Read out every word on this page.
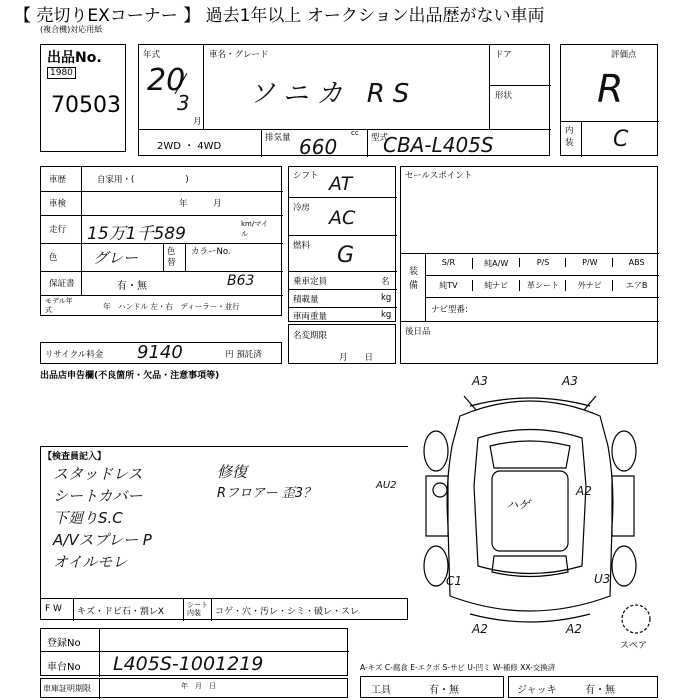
【 売切りEXコーナー 】 過去1年以上 オークション出品歴がない車両
(複合機)対応用紙
出品No.
1980
70503
年式
20
3
月
車名・グレード
ソニカ RS
ドア
形状
2WD ・ 4WD
排気量	cc
660	型式
CBA-L405S
評価点
R
内装 C
車歴	自家用・(　　　　　　)
車検	年　　　月
走行 15万1千589	km/マイル
色 グレー	色替
カラーNo.
保証書	有・無	B63
モデル年式	年　ハンドル 左・右　ディーラー・並行
リサイクル料金 9140	円 預託済
シフト AT
冷房 AC
燃料 G
乗車定員	名
積載量	kg
車両重量	kg
名変期限
月　　日
セールスポイント
装備
S/R	純A/W	P/S	P/W	ABS
純TV	純ナビ	革シート	外ナビ	エアB
ナビ型番:
後日品
出品店申告欄(不良箇所・欠品・注意事項等)
【検査員記入】
スタッドレス
シートカバー
下廻りS.C
A/Vスプレー P
オイルモレ
修復
Rフロアー 歪3？
F W キズ・ドビ石・割レX
シート内装	コゲ・穴・汚レ・シミ・破レ・スレ
登録No
車台No L405S-1001219
車庫証明期限	年　月　日
A-キズ C-腐食 E-エクボ S-サビ U-凹ミ W-補修 XX-交換済
工具	有・無	ジャッキ	有・無
A3	A3
AU2
ハゲ
A2
C1	U3
A2	A2
スペア
